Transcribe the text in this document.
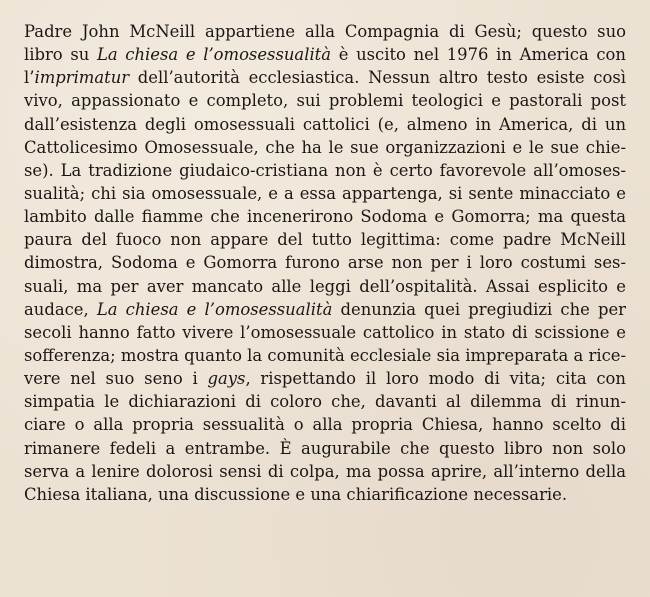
Padre John McNeill appartiene alla Compagnia di Gesù; questo suo
libro su La chiesa e l’omosessualità è uscito nel 1976 in America con
l’imprimatur dell’autorità ecclesiastica. Nessun altro testo esiste così
vivo, appassionato e completo, sui problemi teologici e pastorali post
dall’esistenza degli omosessuali cattolici (e, almeno in America, di un
Cattolicesimo Omosessuale, che ha le sue organizzazioni e le sue chie-
se). La tradizione giudaico-cristiana non è certo favorevole all’omoses-
sualità; chi sia omosessuale, e a essa appartenga, si sente minacciato e
lambito dalle fiamme che incenerirono Sodoma e Gomorra; ma questa
paura del fuoco non appare del tutto legittima: come padre McNeill
dimostra, Sodoma e Gomorra furono arse non per i loro costumi ses-
suali, ma per aver mancato alle leggi dell’ospitalità. Assai esplicito e
audace, La chiesa e l’omosessualità denunzia quei pregiudizi che per
secoli hanno fatto vivere l’omosessuale cattolico in stato di scissione e
sofferenza; mostra quanto la comunità ecclesiale sia impreparata a rice-
vere nel suo seno i gays, rispettando il loro modo di vita; cita con
simpatia le dichiarazioni di coloro che, davanti al dilemma di rinun-
ciare o alla propria sessualità o alla propria Chiesa, hanno scelto di
rimanere fedeli a entrambe. È augurabile che questo libro non solo
serva a lenire dolorosi sensi di colpa, ma possa aprire, all’interno della
Chiesa italiana, una discussione e una chiarificazione necessarie.
